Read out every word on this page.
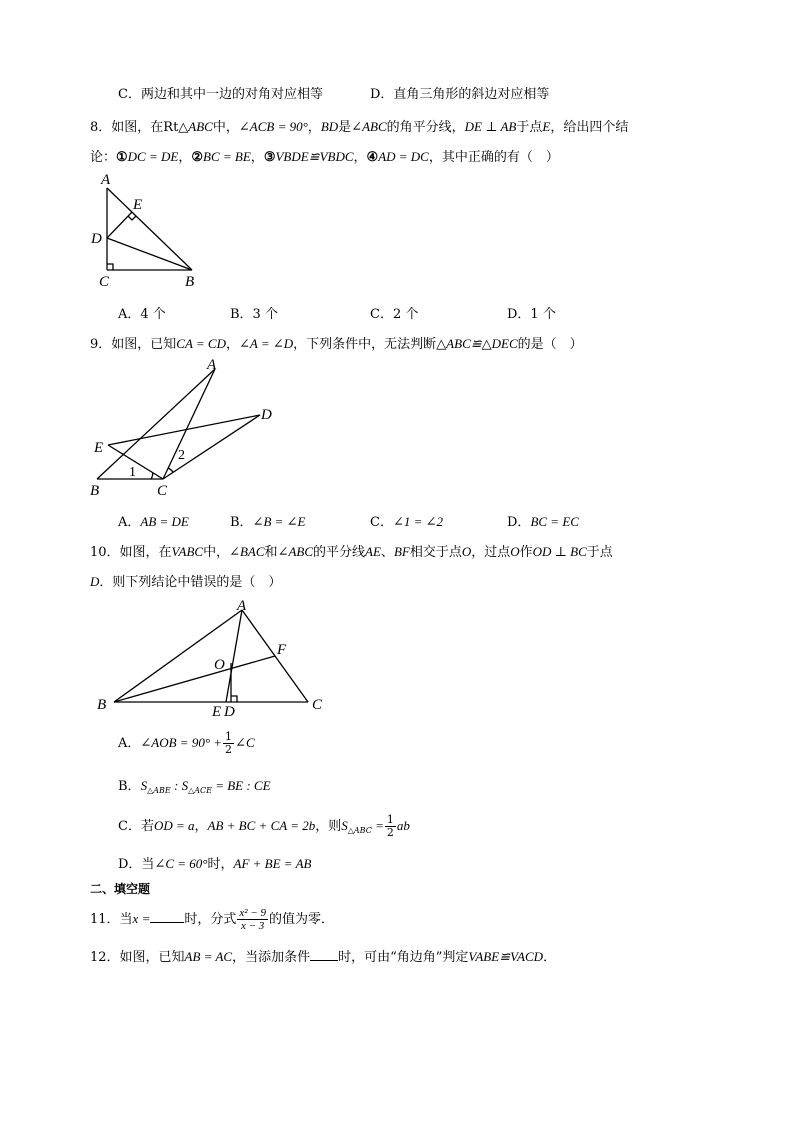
C．两边和其中一边的对角对应相等	D．直角三角形的斜边对应相等
8．如图，在Rt△ABC中，∠ACB = 90°，BD是∠ABC的角平分线，DE ⊥ AB于点E，给出四个结
论：①DC = DE，②BC = BE，③VBDE≌VBDC，④AD = DC，其中正确的有（　）
A
E
D
C	B
A．4 个	B．3 个	C．2 个	D．1 个
9．如图，已知CA = CD，∠A = ∠D，下列条件中，无法判断△ABC≌△DEC的是（　）
A
D
E
B	C
1
2
A．AB = DE	B．∠B = ∠E	C．∠1 = ∠2	D．BC = EC
10．如图，在VABC中，∠BAC和∠ABC的平分线AE、BF相交于点O，过点O作OD ⊥ BC于点
D．则下列结论中错误的是（　）
A
F
O
B	C
E D
A．∠AOB = $90^\circ + \frac{1}{2}$ ∠C
B．$S_{\triangle ABE}$ : $S_{\triangle ACE}$ = BE : CE
C．若OD = a，AB + BC + CA = 2b，则$S_{\triangle ABC} = \frac{1}{2}$ ab
D．当∠C = 60°时，AF + BE = AB
二、填空题
11．当x =	时，分式 $\frac{\text{x² − 9}}{x - 3}$ 的值为零．
12．如图，已知AB = AC，当添加条件 时，可由“角边角”判定VABE≌VACD．
